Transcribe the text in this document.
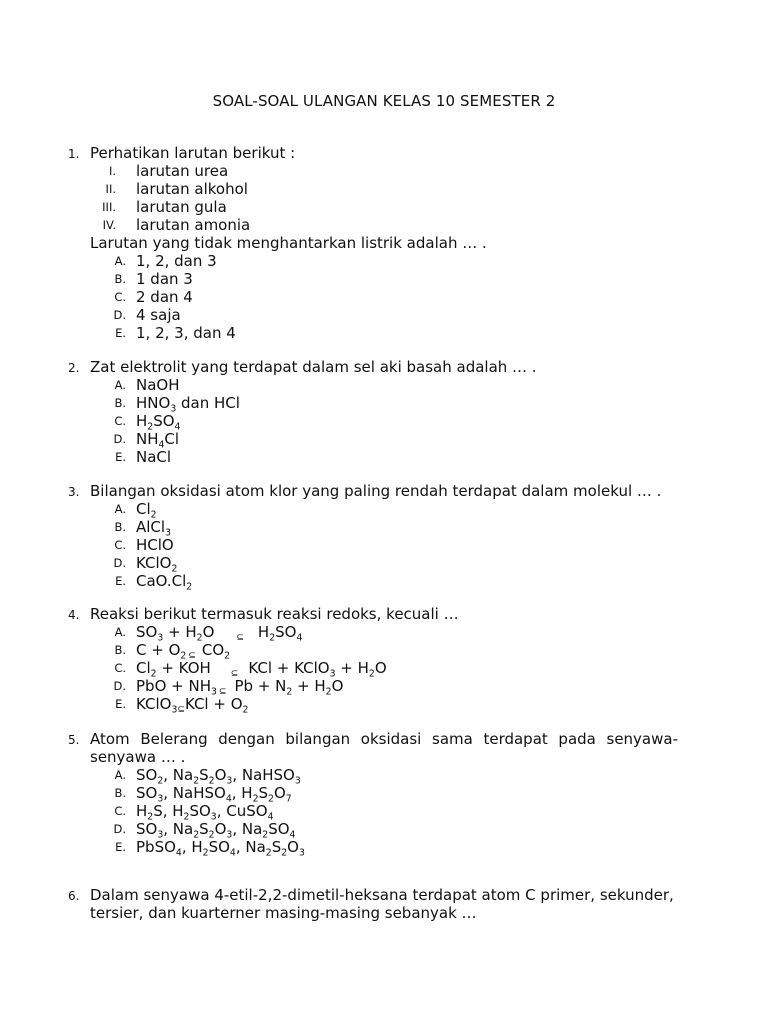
SOAL-SOAL ULANGAN KELAS 10 SEMESTER 2
1. Perhatikan larutan berikut :
I. larutan urea
II. larutan alkohol
III. larutan gula
IV. larutan amonia
Larutan yang tidak menghantarkan listrik adalah … .
A. 1, 2, dan 3
B. 1 dan 3
C. 2 dan 4
D. 4 saja
E. 1, 2, 3, dan 4
2. Zat elektrolit yang terdapat dalam sel aki basah adalah … .
A. NaOH
B. $HNO_3$ dan HCl
C. $H_2SO_4$
D. $NH_4Cl$
E. NaCl
3. Bilangan oksidasi atom klor yang paling rendah terdapat dalam molekul … .
A. $Cl_2$
B. AlCl$_3$
C. HClO
D. KClO$_2$
E. $CaO.Cl_2$
4. Reaksi berikut termasuk reaksi redoks, kecuali …
A. $SO_3 + H_2O$ ⊆ $H_2SO_4$
B. $C + O_2$ ⊆ $CO_2$
C. $Cl_2$ + KOH ⊆ KCl + KClO$_3$ + $H_2O$
D. PbO + $NH_3$ ⊆ $Pb + N_2 + H_2O$
E. KClO$_3$⊆KCl + $O_2$
5. Atom Belerang dengan bilangan oksidasi sama terdapat pada senyawa-
senyawa … .
A. $SO_2$, $Na_2S_2O_3$, NaHSO$_3$
B. $SO_3$, NaHSO$_4$, $H_2S_2O_7$
C. $H_2S$, $H_2SO_3$, CuSO$_4$
D. $SO_3$, $Na_2S_2O_3$, $Na_2SO_4$
E. PbSO$_4$, $H_2SO_4$, $Na_2S_2O_3$
6. Dalam senyawa 4-etil-2,2-dimetil-heksana terdapat atom C primer, sekunder,
tersier, dan kuarterner masing-masing sebanyak …
